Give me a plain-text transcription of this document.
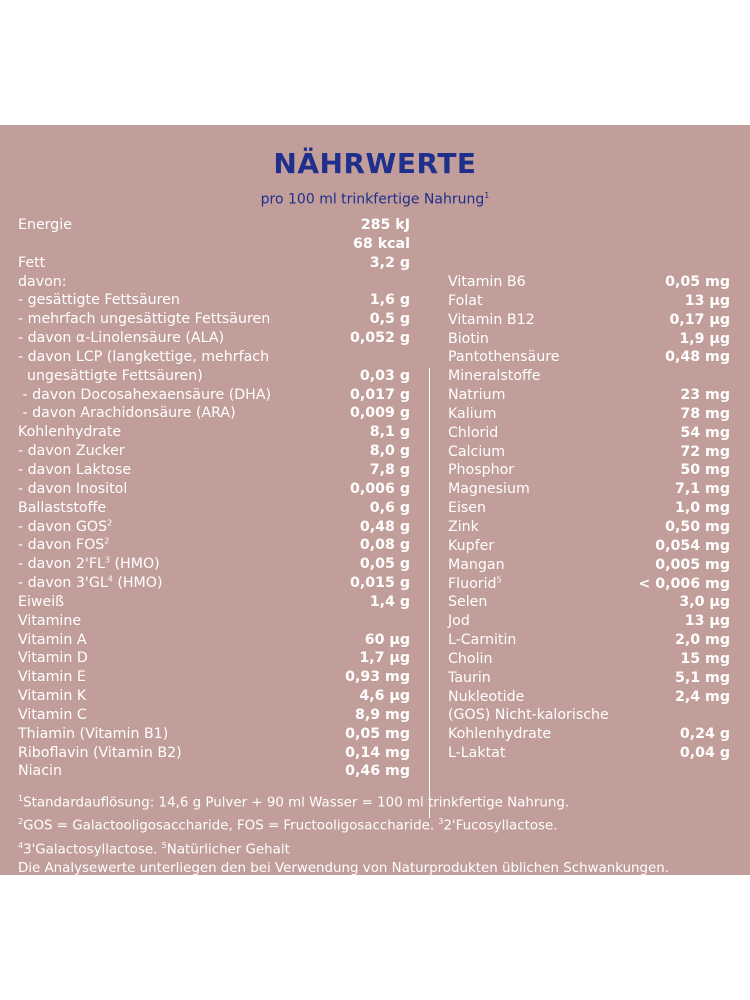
NÄHRWERTE
pro 100 ml trinkfertige Nahrung$^1$
Energie	285 kJ
68 kcal
Fett	3,2 g
davon:
- gesättigte Fettsäuren	1,6 g
- mehrfach ungesättigte Fettsäuren	0,5 g
- davon α-Linolensäure (ALA)	0,052 g
- davon LCP (langkettige, mehrfach
ungesättigte Fettsäuren)	0,03 g
- davon Docosahexaensäure (DHA)	0,017 g
- davon Arachidonsäure (ARA)	0,009 g
Kohlenhydrate	8,1 g
- davon Zucker	8,0 g
- davon Laktose	7,8 g
- davon Inositol	0,006 g
Ballaststoffe	0,6 g
- davon GOS$^2$	0,48 g
- davon FOS$^2$	0,08 g
- davon $2'FL^3$ (HMO)	0,05 g
- davon $3'GL^4$ (HMO)	0,015 g
Eiweiß	1,4 g
Vitamine
Vitamin A	60 µg
Vitamin D	1,7 µg
Vitamin E	0,93 mg
Vitamin K	4,6 µg
Vitamin C	8,9 mg
Thiamin (Vitamin B1)	0,05 mg
Riboflavin (Vitamin B2)	0,14 mg
Niacin	0,46 mg
Vitamin B6	0,05 mg
Folat	13 µg
Vitamin B12	0,17 µg
Biotin	1,9 µg
Pantothensäure	0,48 mg
Mineralstoffe
Natrium	23 mg
Kalium	78 mg
Chlorid	54 mg
Calcium	72 mg
Phosphor	50 mg
Magnesium	7,1 mg
Eisen	1,0 mg
Zink	0,50 mg
Kupfer	0,054 mg
Mangan	0,005 mg
Fluorid$^5$	< 0,006 mg
Selen	3,0 µg
Jod	13 µg
L-Carnitin	2,0 mg
Cholin	15 mg
Taurin	5,1 mg
Nukleotide	2,4 mg
(GOS) Nicht-kalorische
Kohlenhydrate	0,24 g
L-Laktat	0,04 g
$^1$Standardauflösung: 14,6 g Pulver + 90 ml Wasser = 100 ml trinkfertige Nahrung.
$^2$GOS = Galactooligosaccharide, FOS = Fructooligosaccharide. $^3$2'Fucosyllactose.
$^4$3'Galactosyllactose. $^5$Natürlicher Gehalt
Die Analysewerte unterliegen den bei Verwendung von Naturprodukten üblichen Schwankungen.
